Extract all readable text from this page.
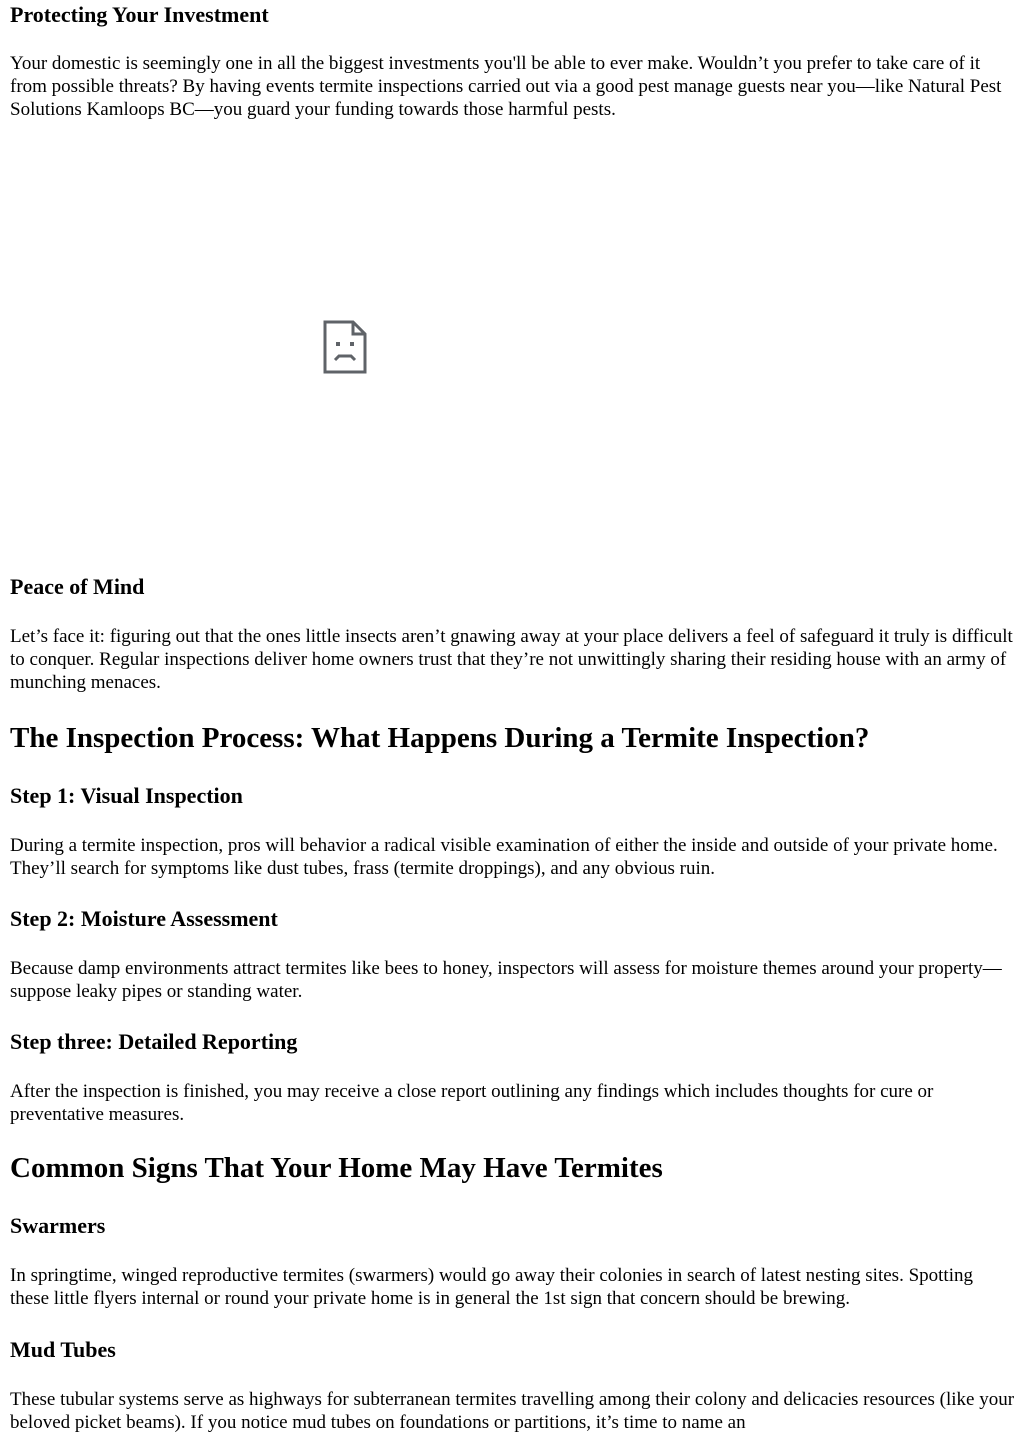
Protecting Your Investment

Your domestic is seemingly one in all the biggest investments you'll be able to ever make. Wouldn’t you prefer to take care of it from possible threats? By having events termite inspections carried out via a good pest manage guests near you—like Natural Pest Solutions Kamloops BC—you guard your funding towards those harmful pests.

Peace of Mind

Let’s face it: figuring out that the ones little insects aren’t gnawing away at your place delivers a feel of safeguard it truly is difficult to conquer. Regular inspections deliver home owners trust that they’re not unwittingly sharing their residing house with an army of munching menaces.

The Inspection Process: What Happens During a Termite Inspection?
Step 1: Visual Inspection

During a termite inspection, pros will behavior a radical visible examination of either the inside and outside of your private home. They’ll search for symptoms like dust tubes, frass (termite droppings), and any obvious ruin.

Step 2: Moisture Assessment

Because damp environments attract termites like bees to honey, inspectors will assess for moisture themes around your property—suppose leaky pipes or standing water.

Step three: Detailed Reporting

After the inspection is finished, you may receive a close report outlining any findings which includes thoughts for cure or preventative measures.

Common Signs That Your Home May Have Termites
Swarmers

In springtime, winged reproductive termites (swarmers) would go away their colonies in search of latest nesting sites. Spotting these little flyers internal or round your private home is in general the 1st sign that concern should be brewing.

Mud Tubes

These tubular systems serve as highways for subterranean termites travelling among their colony and delicacies resources (like your beloved picket beams). If you notice mud tubes on foundations or partitions, it’s time to name an
